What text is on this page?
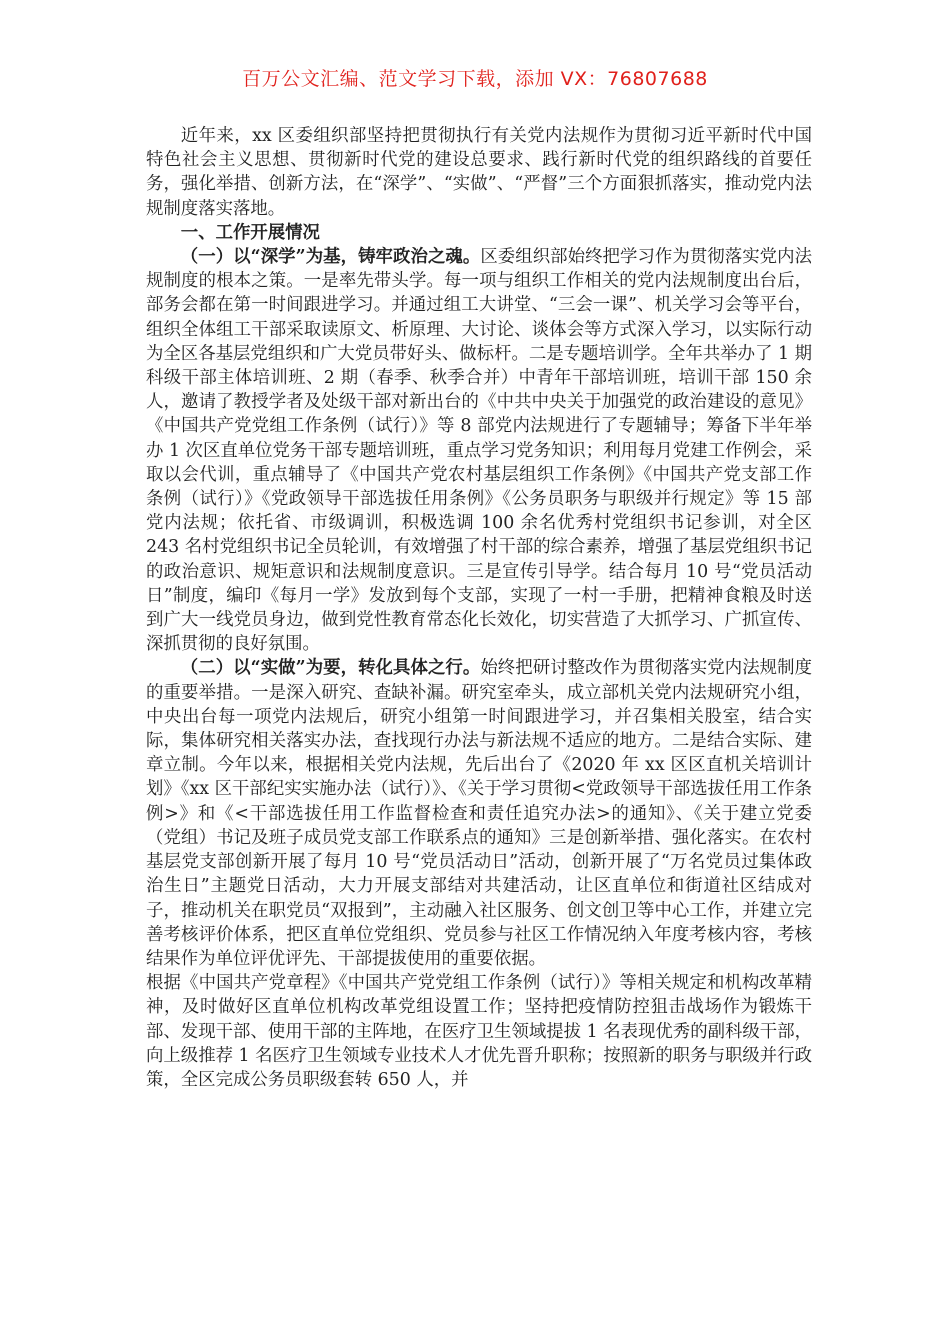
百万公文汇编、范文学习下载，添加 VX：76807688

近年来，xx 区委组织部坚持把贯彻执行有关党内法规作为贯彻习近平新时代中国特色社会主义思想、贯彻新时代党的建设总要求、践行新时代党的组织路线的首要任务，强化举措、创新方法，在“深学”、“实做”、“严督”三个方面狠抓落实，推动党内法规制度落实落地。

一、工作开展情况

（一）以“深学”为基，铸牢政治之魂。区委组织部始终把学习作为贯彻落实党内法规制度的根本之策。一是率先带头学。每一项与组织工作相关的党内法规制度出台后，部务会都在第一时间跟进学习。并通过组工大讲堂、“三会一课”、机关学习会等平台，组织全体组工干部采取读原文、析原理、大讨论、谈体会等方式深入学习，以实际行动为全区各基层党组织和广大党员带好头、做标杆。二是专题培训学。全年共举办了 1 期科级干部主体培训班、2 期（春季、秋季合并）中青年干部培训班，培训干部 150 余人，邀请了教授学者及处级干部对新出台的《中共中央关于加强党的政治建设的意见》《中国共产党党组工作条例（试行）》等 8 部党内法规进行了专题辅导；筹备下半年举办 1 次区直单位党务干部专题培训班，重点学习党务知识；利用每月党建工作例会，采取以会代训，重点辅导了《中国共产党农村基层组织工作条例》《中国共产党支部工作条例（试行）》《党政领导干部选拔任用条例》《公务员职务与职级并行规定》等 15 部党内法规；依托省、市级调训，积极选调 100 余名优秀村党组织书记参训，对全区 243 名村党组织书记全员轮训，有效增强了村干部的综合素养，增强了基层党组织书记的政治意识、规矩意识和法规制度意识。三是宣传引导学。结合每月 10 号“党员活动日”制度，编印《每月一学》发放到每个支部，实现了一村一手册，把精神食粮及时送到广大一线党员身边，做到党性教育常态化长效化，切实营造了大抓学习、广抓宣传、深抓贯彻的良好氛围。

（二）以“实做”为要，转化具体之行。始终把研讨整改作为贯彻落实党内法规制度的重要举措。一是深入研究、查缺补漏。研究室牵头，成立部机关党内法规研究小组，中央出台每一项党内法规后，研究小组第一时间跟进学习，并召集相关股室，结合实际，集体研究相关落实办法，查找现行办法与新法规不适应的地方。二是结合实际、建章立制。今年以来，根据相关党内法规，先后出台了《2020 年 xx 区区直机关培训计划》《xx 区干部纪实实施办法（试行）》、《关于学习贯彻<党政领导干部选拔任用工作条例>》和《<干部选拔任用工作监督检查和责任追究办法>的通知》、《关于建立党委（党组）书记及班子成员党支部工作联系点的通知》三是创新举措、强化落实。在农村基层党支部创新开展了每月 10 号“党员活动日”活动，创新开展了“万名党员过集体政治生日”主题党日活动，大力开展支部结对共建活动，让区直单位和街道社区结成对子，推动机关在职党员“双报到”，主动融入社区服务、创文创卫等中心工作，并建立完善考核评价体系，把区直单位党组织、党员参与社区工作情况纳入年度考核内容，考核结果作为单位评优评先、干部提拔使用的重要依据。

根据《中国共产党章程》《中国共产党党组工作条例（试行）》等相关规定和机构改革精神，及时做好区直单位机构改革党组设置工作；坚持把疫情防控狙击战场作为锻炼干部、发现干部、使用干部的主阵地，在医疗卫生领域提拔 1 名表现优秀的副科级干部，向上级推荐 1 名医疗卫生领域专业技术人才优先晋升职称；按照新的职务与职级并行政策，全区完成公务员职级套转 650 人，并
